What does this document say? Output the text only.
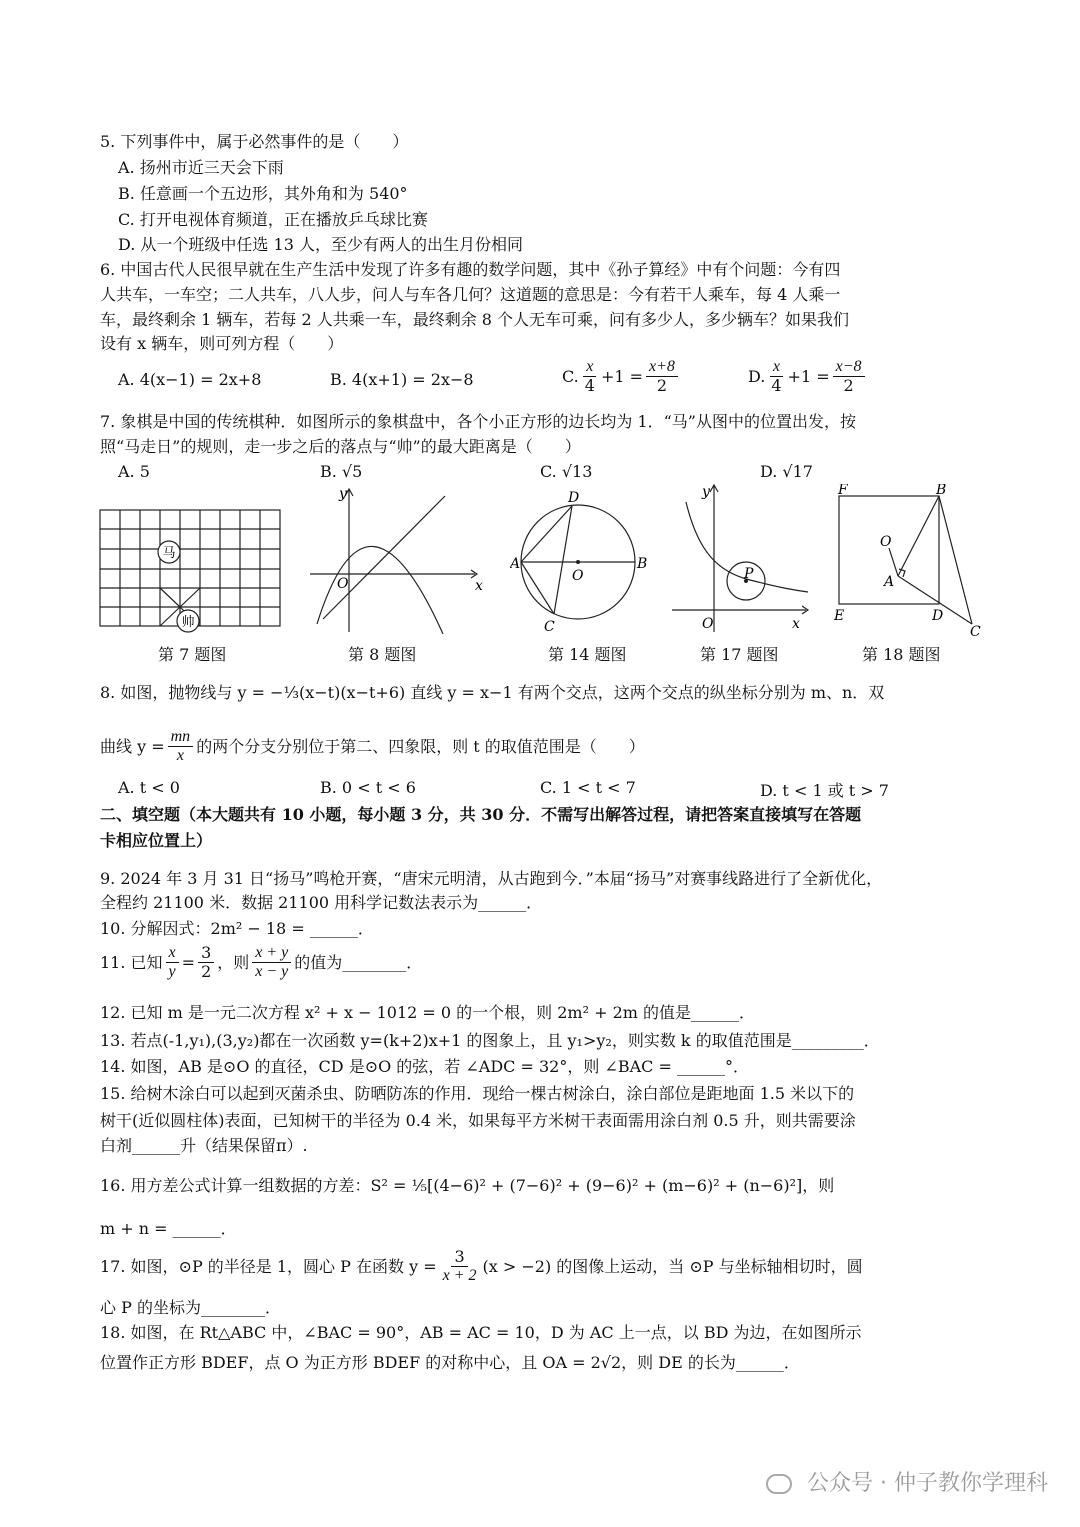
5. 下列事件中，属于必然事件的是（　　）
A. 扬州市近三天会下雨
B. 任意画一个五边形，其外角和为 540°
C. 打开电视体育频道，正在播放乒乓球比赛
D. 从一个班级中任选 13 人，至少有两人的出生月份相同
6. 中国古代人民很早就在生产生活中发现了许多有趣的数学问题，其中《孙子算经》中有个问题：今有四
人共车，一车空；二人共车，八人步，问人与车各几何？这道题的意思是：今有若干人乘车，每 4 人乘一
车，最终剩余 1 辆车，若每 2 人共乘一车，最终剩余 8 个人无车可乘，问有多少人，多少辆车？如果我们
设有 x 辆车，则可列方程（　　）
A. 4(x−1) = 2x+8	B. 4(x+1) = 2x−8	C. $\frac{x}{4} +1 = \frac{x+8}{2}$	D. $\frac{x}{4} +1 = \frac{x-8}{2}$
7. 象棋是中国的传统棋种．如图所示的象棋盘中，各个小正方形的边长均为 1．“马”从图中的位置出发，按
照“马走日”的规则，走一步之后的落点与“帅”的最大距离是（　　）
A. 5	B. √5	C. √13	D. √17
马
帅
第 7 题图
y
x
O
第 8 题图
A	B
C
D
O
第 14 题图
y
x
O
P
第 17 题图
F	B
O
A
E	D
C
第 18 题图
8. 如图，抛物线与 y = −⅓(x−t)(x−t+6) 直线 y = x−1 有两个交点，这两个交点的纵坐标分别为 m、n．双
曲线 $y = \frac{mn}{x}$ 的两个分支分别位于第二、四象限，则 t 的取值范围是（　　）
A. t < 0	B. 0 < t < 6	C. 1 < t < 7	D. t < 1 或 t > 7
二、填空题（本大题共有 10 小题，每小题 3 分，共 30 分．不需写出解答过程，请把答案直接填写在答题
卡相应位置上）
9. 2024 年 3 月 31 日“扬马”鸣枪开赛，“唐宋元明清，从古跑到今．”本届“扬马”对赛事线路进行了全新优化，
全程约 21100 米．数据 21100 用科学记数法表示为______．
10. 分解因式：2m² − 18 = ______．
11. 已知 $\frac{x}{y} = \frac{3}{2}$ ，则 $\frac{x + y}{x - y}$ 的值为________．
12. 已知 m 是一元二次方程 x² + x − 1012 = 0 的一个根，则 2m² + 2m 的值是______．
13. 若点(-1,y₁),(3,y₂)都在一次函数 y=(k+2)x+1 的图象上，且 y₁>y₂，则实数 k 的取值范围是_________．
14. 如图，AB 是⊙O 的直径，CD 是⊙O 的弦，若 ∠ADC = 32°，则 ∠BAC = ______°．
15. 给树木涂白可以起到灭菌杀虫、防晒防冻的作用．现给一棵古树涂白，涂白部位是距地面 1.5 米以下的
树干(近似圆柱体)表面，已知树干的半径为 0.4 米，如果每平方米树干表面需用涂白剂 0.5 升，则共需要涂
白剂______升（结果保留π）.
16. 用方差公式计算一组数据的方差：S² = ⅕[(4−6)² + (7−6)² + (9−6)² + (m−6)² + (n−6)²]，则
m + n = ______．
17. 如图，⊙P 的半径是 1，圆心 P 在函数 $y = \frac{3}{x + 2} (x > -2)$ 的图像上运动，当 ⊙P 与坐标轴相切时，圆
心 P 的坐标为________．
18. 如图，在 Rt△ABC 中，∠BAC = 90°，AB = AC = 10，D 为 AC 上一点，以 BD 为边，在如图所示
位置作正方形 BDEF，点 O 为正方形 BDEF 的对称中心，且 OA = 2√2，则 DE 的长为______．
公众号 · 仲子教你学理科
